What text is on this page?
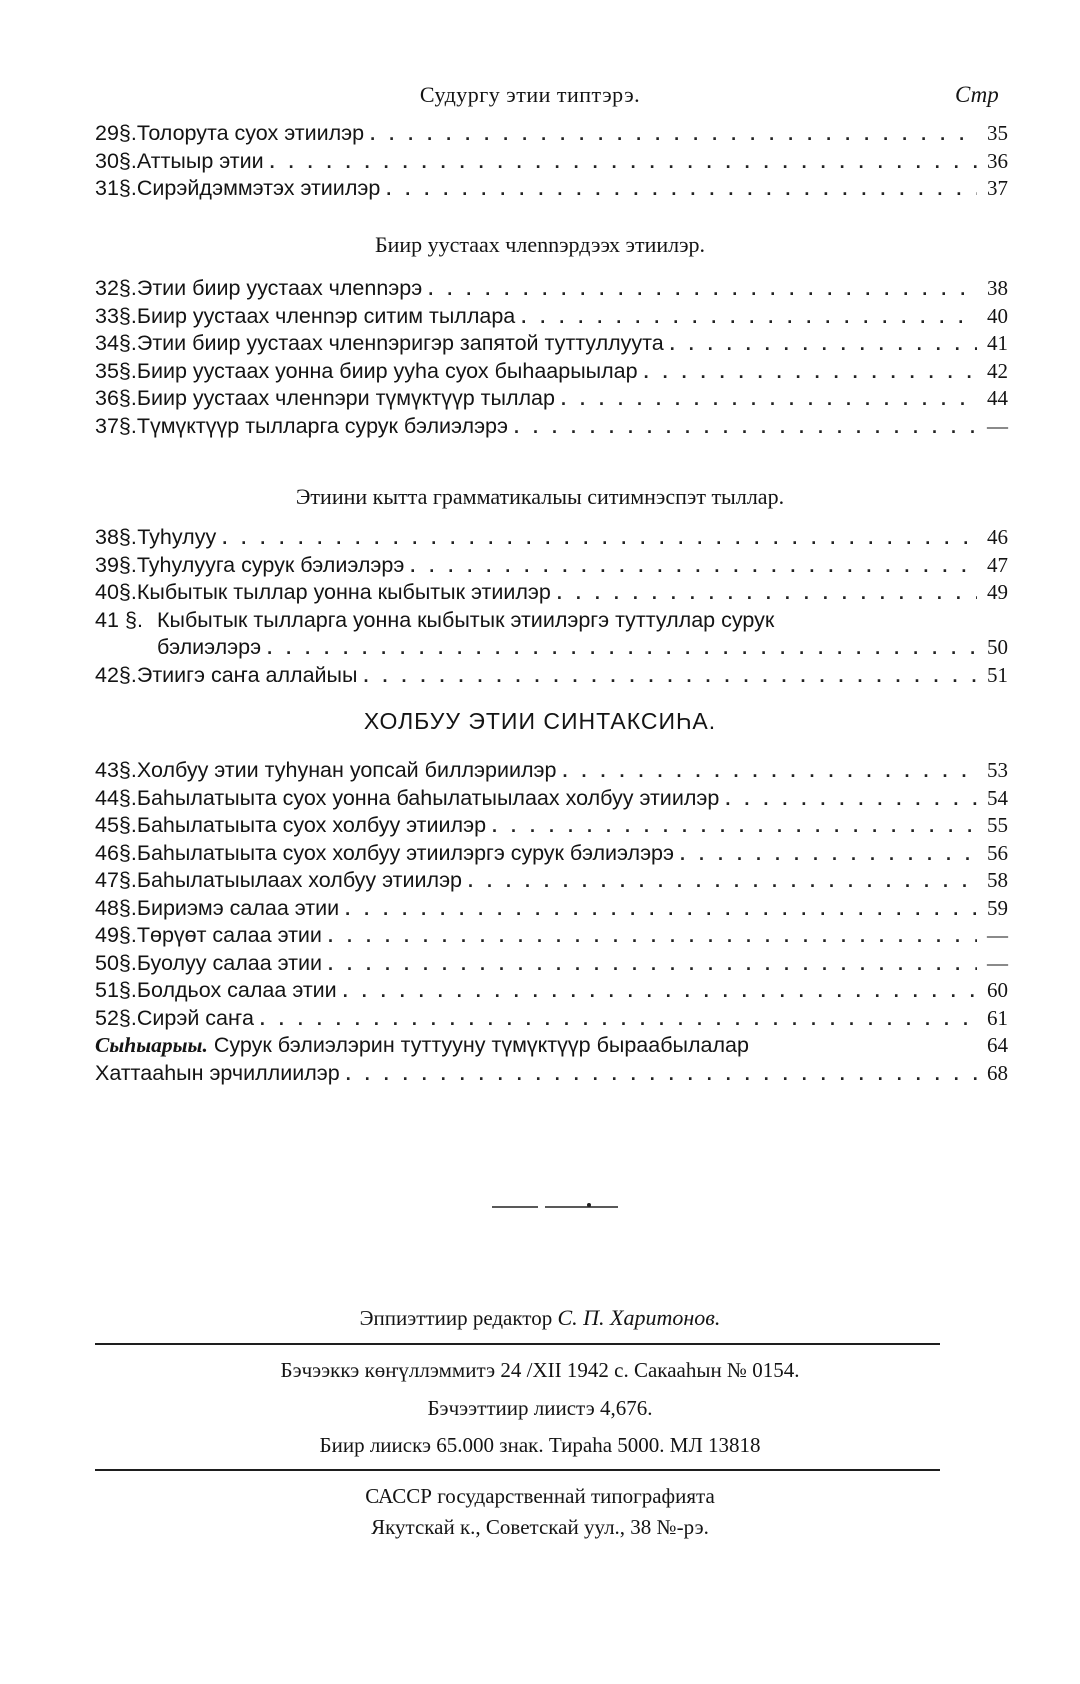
Судургу этии типтэрэ.	Стр
29 §. Толорута суох этиилэр . . .	35
30 §. Аттыыр этии . . .	36
31 §. Сирэйдэммэтэх этиилэр . . .	37
Биир уустаах члennэрдээх этиилэр.
32 §. Этии биир уустаах члennэрэ . . .	38
33 §. Биир уустаах членnэр ситим тыллара . . .	40
34 §. Этии биир уустаах членnэригэр запятой туттуллуута . . .	41
35 §. Биир уустаах уонна биир ууһа суох быһаарыылар . . .	42
36 §. Биир уустаах членnэри түмүктүүр тыллар . . .	44
37 §. Түмүктүүр тылларга сурук бэлиэлэрэ . . .	—
Этиини кытта грамматикалыы ситимнэспэт тыллар.
38 §. Туһулуу . . .	46
39 §. Туһулууга сурук бэлиэлэрэ . . .	47
40 §. Кыбытык тыллар уонна кыбытык этиилэр . . .	49
41 §. Кыбытык тылларга уонна кыбытык этиилэргэ туттуллар сурук
бэлиэлэрэ . . .	50
42 §. Этиигэ саҥа аллайыы . . .	51
ХОЛБУУ ЭТИИ СИНТАКСИҺА.
43 §. Холбуу этии туһунан уопсай биллэриилэр . . .	53
44 §. Баһылатыыта суох уонна баһылатыылаах холбуу этиилэр . . .	54
45 §. Баһылатыыта суох холбуу этиилэр . . .	55
46 §. Баһылатыыта суох холбуу этиилэргэ сурук бэлиэлэрэ . . .	56
47 §. Баһылатыылаах холбуу этиилэр . . .	58
48 §. Бириэмэ салаа этии . . .	59
49 §. Төрүөт салаа этии . . .	—
50 §. Буолуу салаа этии . . .	—
51 §. Болдьох салаа этии . . .	60
52 §. Сирэй саҥа . . .	61
Сыһыарыы. Сурук бэлиэлэрин туттууну түмүктүүр быраабылалар	64
Хаттааһын эрчиллиилэр . . .	68
Эппиэттиир редактор С. П. Харитонов.
Бэчээккэ көҥүллэммитэ 24 /XII 1942 с. Сакааһын № 0154.
Бэчээттиир лиистэ 4,676.
Биир лиискэ 65.000 знак. Тираһа 5000. МЛ 13818
САССР государственнай типографията
Якутскай к., Советскай уул., 38 №-рэ.
